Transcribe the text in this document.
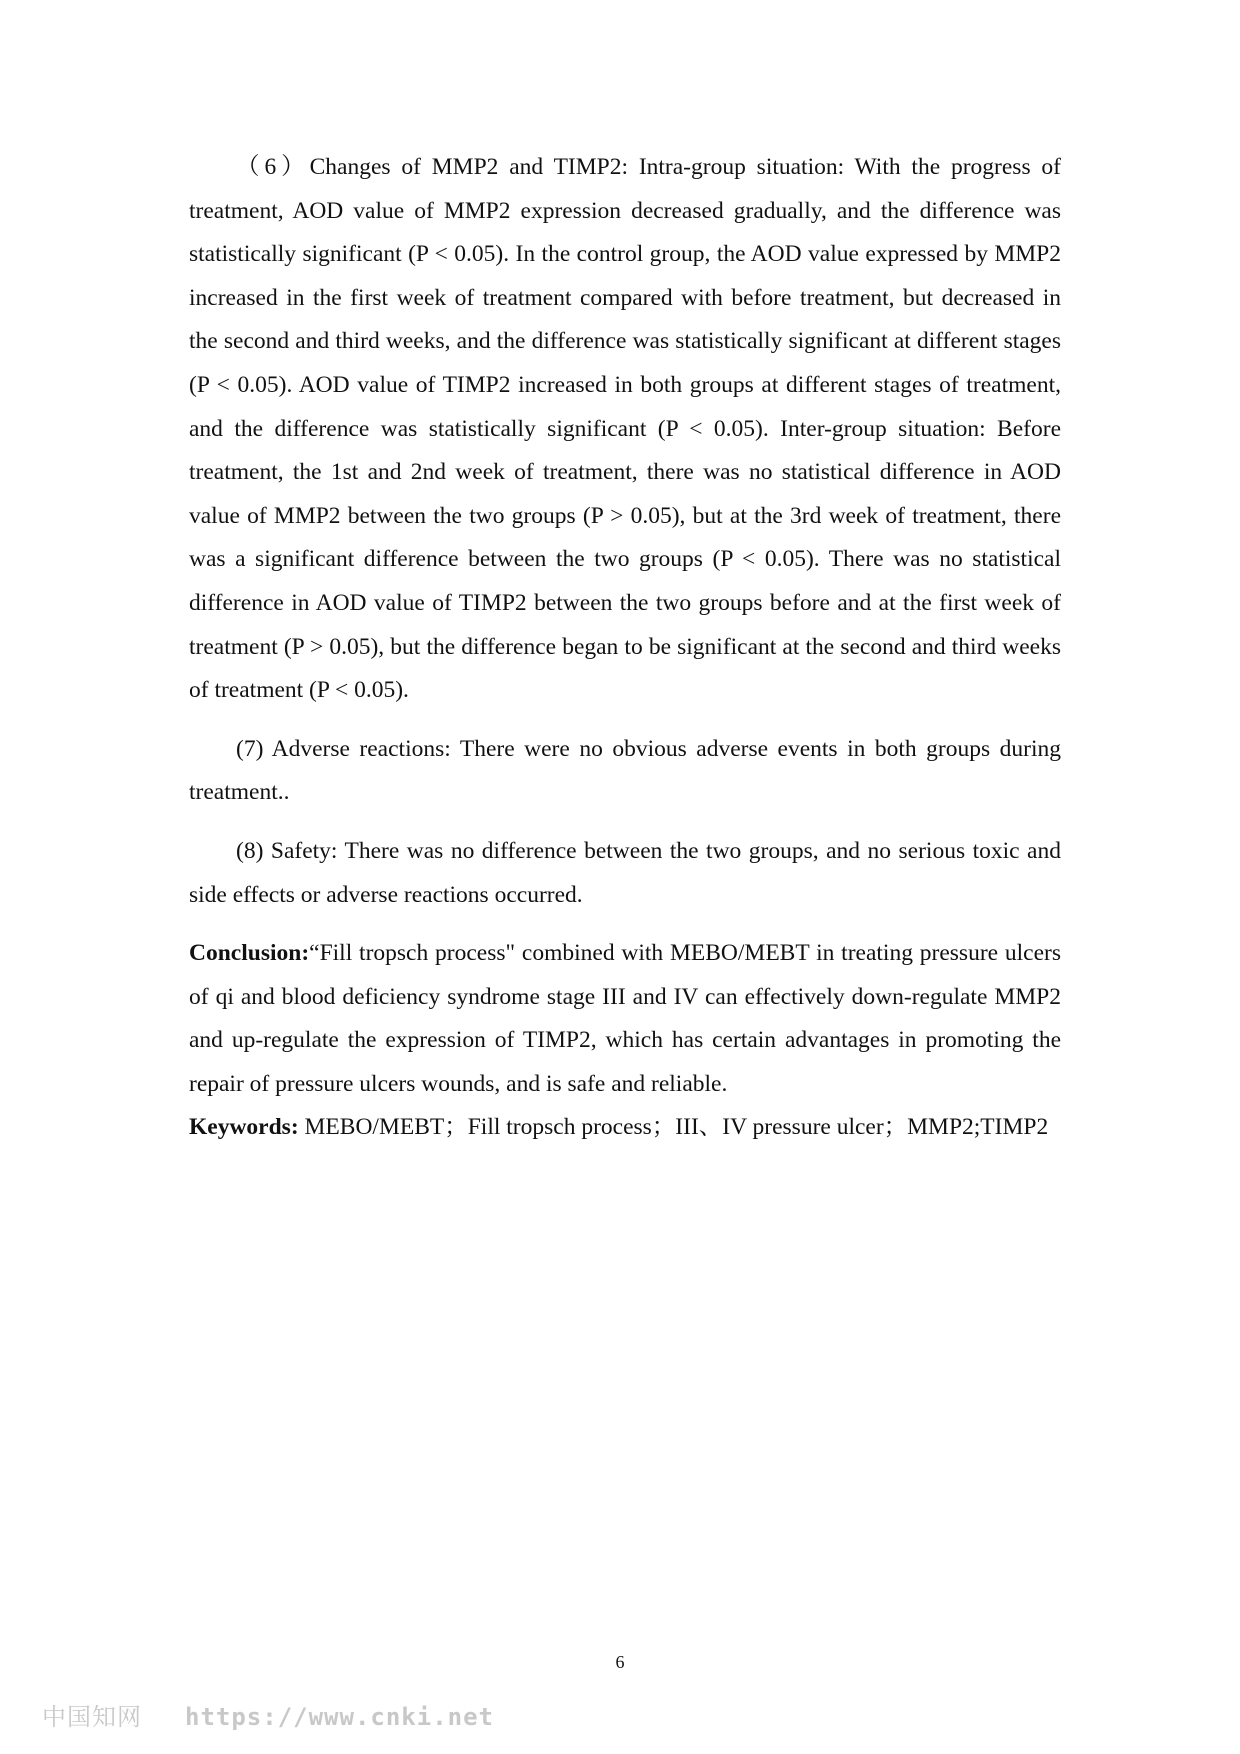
（6）Changes of MMP2 and TIMP2: Intra-group situation: With the progress of treatment, AOD value of MMP2 expression decreased gradually, and the difference was statistically significant (P < 0.05). In the control group, the AOD value expressed by MMP2 increased in the first week of treatment compared with before treatment, but decreased in the second and third weeks, and the difference was statistically significant at different stages (P < 0.05). AOD value of TIMP2 increased in both groups at different stages of treatment, and the difference was statistically significant (P < 0.05). Inter-group situation: Before treatment, the 1st and 2nd week of treatment, there was no statistical difference in AOD value of MMP2 between the two groups (P > 0.05), but at the 3rd week of treatment, there was a significant difference between the two groups (P < 0.05). There was no statistical difference in AOD value of TIMP2 between the two groups before and at the first week of treatment (P > 0.05), but the difference began to be significant at the second and third weeks of treatment (P < 0.05).

(7) Adverse reactions: There were no obvious adverse events in both groups during treatment..

(8) Safety: There was no difference between the two groups, and no serious toxic and side effects or adverse reactions occurred.

Conclusion:“Fill tropsch process" combined with MEBO/MEBT in treating pressure ulcers of qi and blood deficiency syndrome stage III and IV can effectively down-regulate MMP2 and up-regulate the expression of TIMP2, which has certain advantages in promoting the repair of pressure ulcers wounds, and is safe and reliable.

Keywords: MEBO/MEBT；Fill tropsch process；III、IV pressure ulcer；MMP2;TIMP2

6
中国知网 https://www.cnki.net
